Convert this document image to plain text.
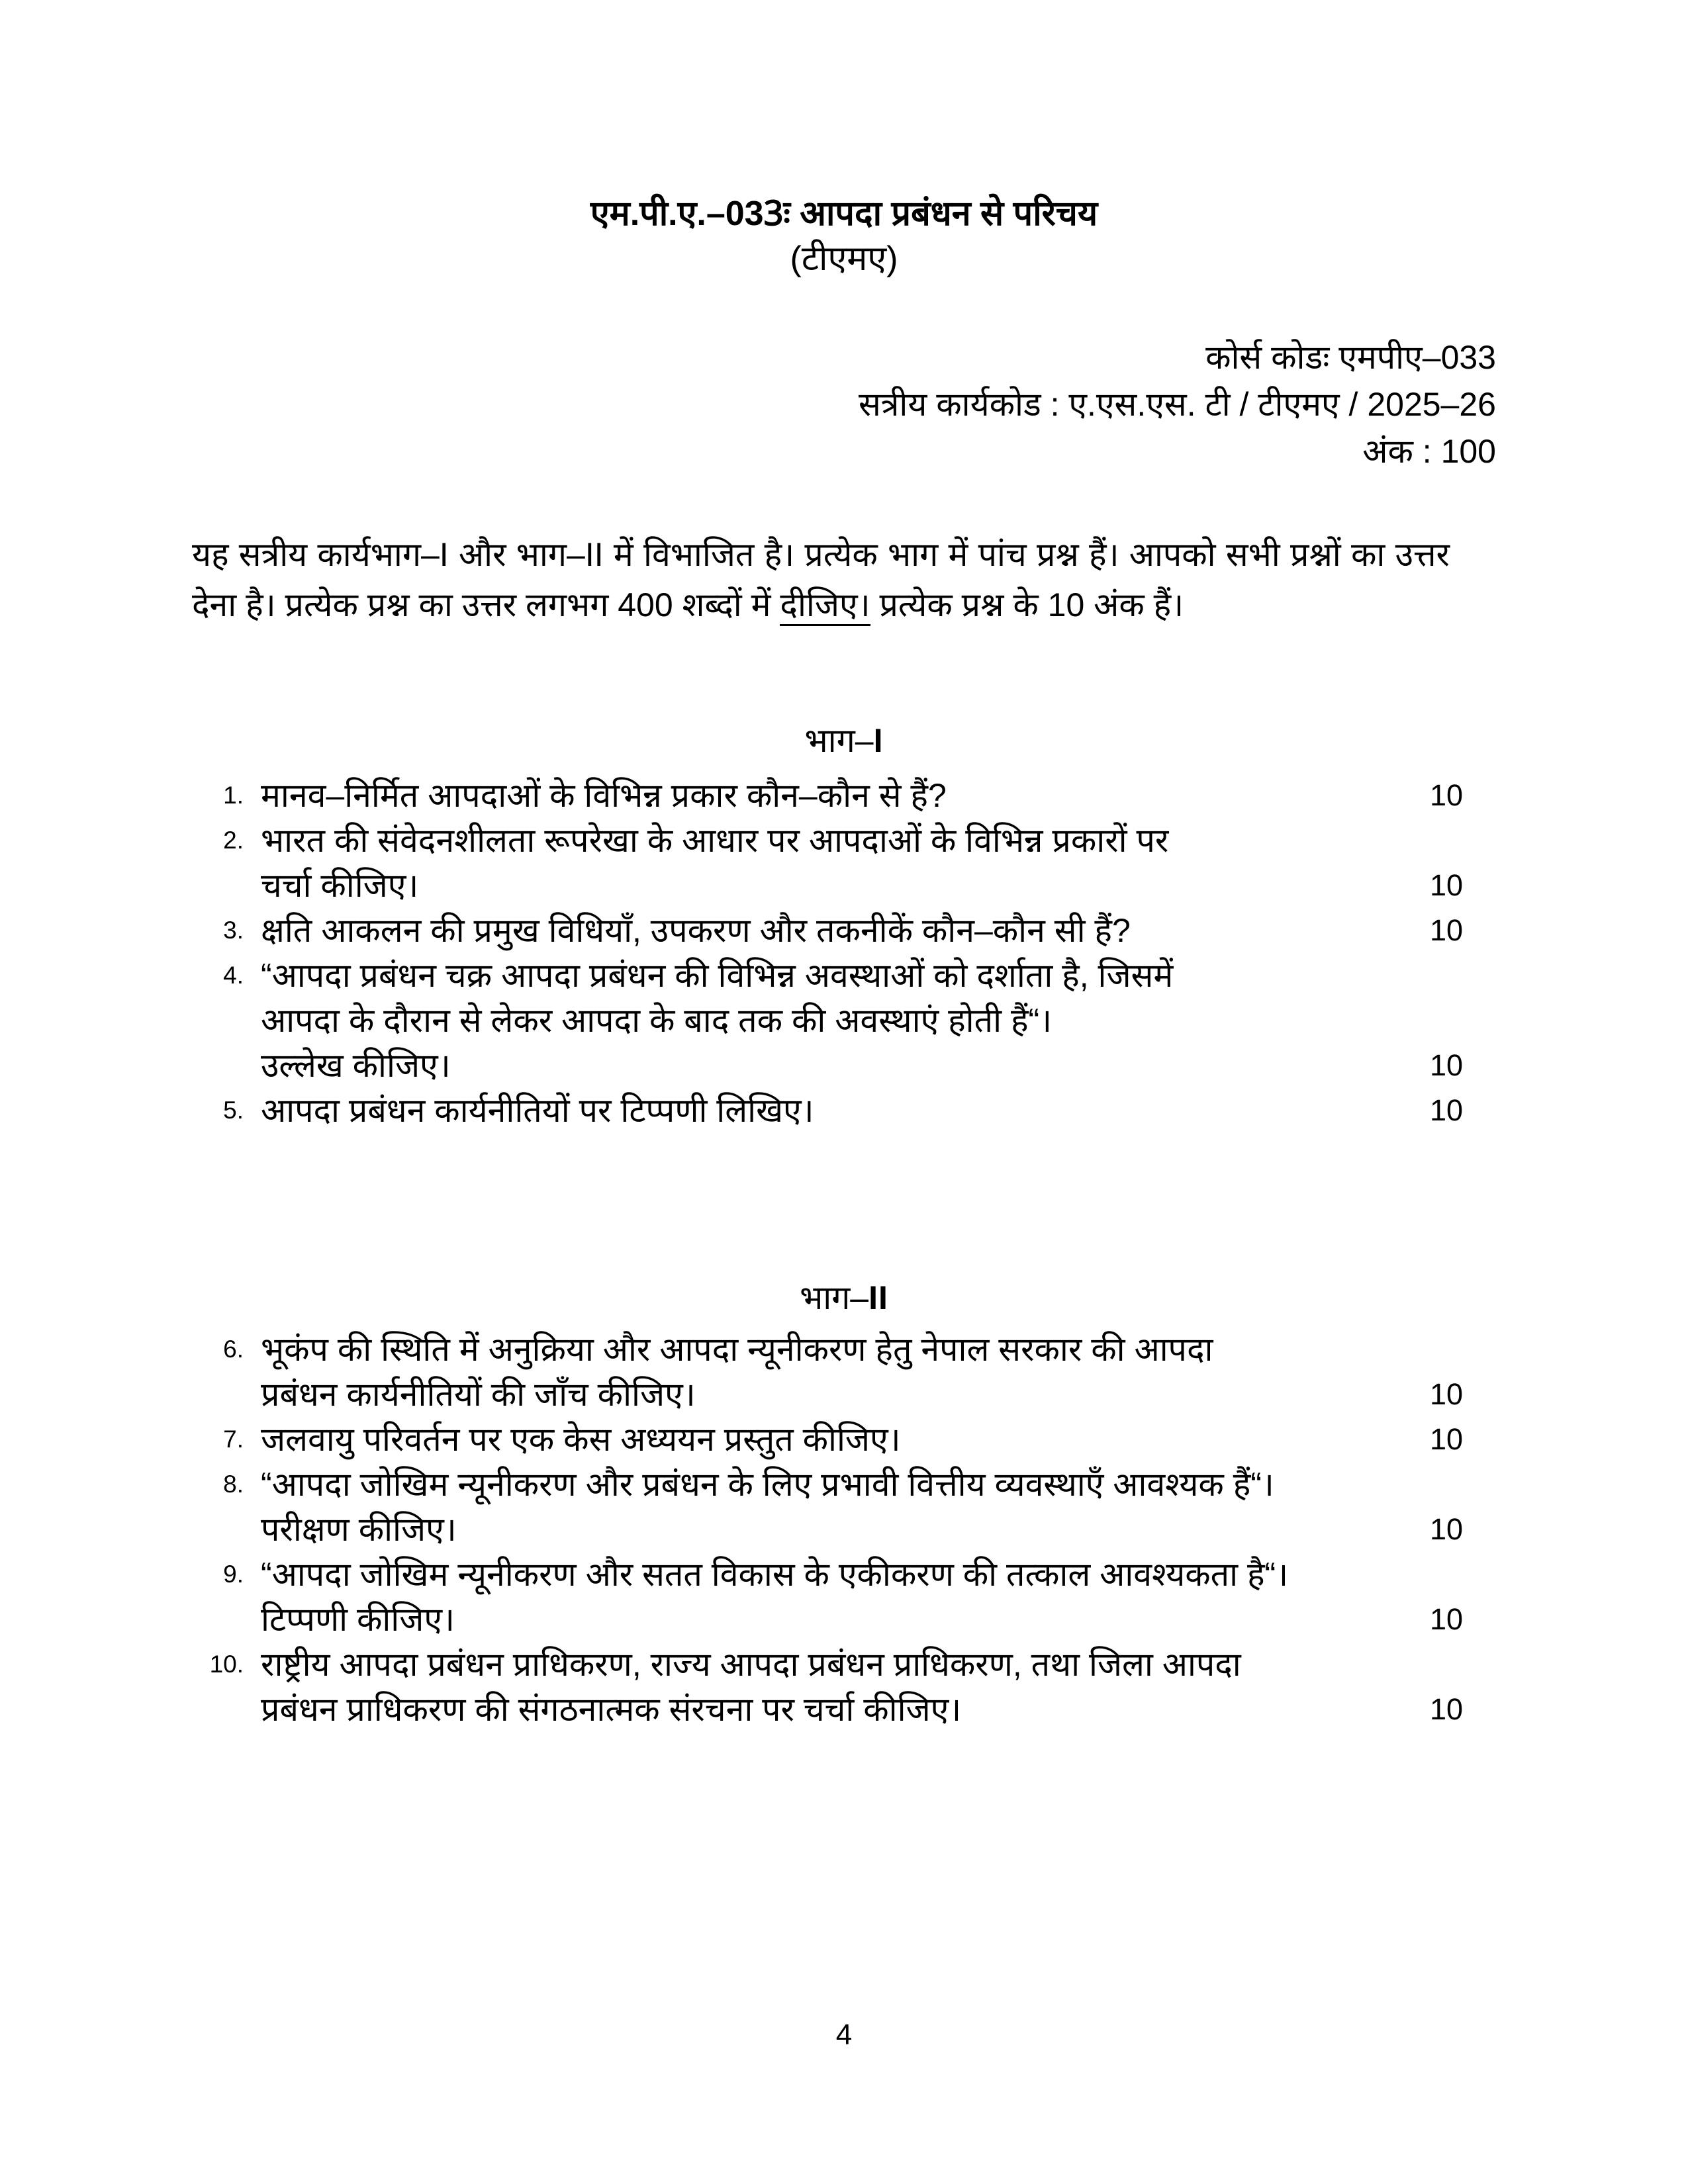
एम.पी.ए.–033ः आपदा प्रबंधन से परिचय
(टीएमए)
कोर्स कोडः एमपीए–033
सत्रीय कार्यकोड : ए.एस.एस. टी / टीएमए / 2025–26
अंक : 100
यह सत्रीय कार्यभाग–I और भाग–II में विभाजित है। प्रत्येक भाग में पांच प्रश्न हैं। आपको सभी प्रश्नों का उत्तर देना है। प्रत्येक प्रश्न का उत्तर लगभग 400 शब्दों में दीजिए। प्रत्येक प्रश्न के 10 अंक हैं।
भाग–I
1. मानव–निर्मित आपदाओं के विभिन्न प्रकार कौन–कौन से हैं?	10
2. भारत की संवेदनशीलता रूपरेखा के आधार पर आपदाओं के विभिन्न प्रकारों पर
चर्चा कीजिए।	10
3. क्षति आकलन की प्रमुख विधियाँ, उपकरण और तकनीकें कौन–कौन सी हैं?	10
4. “आपदा प्रबंधन चक्र आपदा प्रबंधन की विभिन्न अवस्थाओं को दर्शाता है, जिसमें
आपदा के दौरान से लेकर आपदा के बाद तक की अवस्थाएं होती हैं“।
उल्लेख कीजिए।	10
5. आपदा प्रबंधन कार्यनीतियों पर टिप्पणी लिखिए।	10
भाग–II
6. भूकंप की स्थिति में अनुक्रिया और आपदा न्यूनीकरण हेतु नेपाल सरकार की आपदा
प्रबंधन कार्यनीतियों की जाँच कीजिए।	10
7. जलवायु परिवर्तन पर एक केस अध्ययन प्रस्तुत कीजिए।	10
8. “आपदा जोखिम न्यूनीकरण और प्रबंधन के लिए प्रभावी वित्तीय व्यवस्थाएँ आवश्यक हैं“।
परीक्षण कीजिए।	10
9. “आपदा जोखिम न्यूनीकरण और सतत विकास के एकीकरण की तत्काल आवश्यकता है“।
टिप्पणी कीजिए।	10
10. राष्ट्रीय आपदा प्रबंधन प्राधिकरण, राज्य आपदा प्रबंधन प्राधिकरण, तथा जिला आपदा
प्रबंधन प्राधिकरण की संगठनात्मक संरचना पर चर्चा कीजिए।	10
4
